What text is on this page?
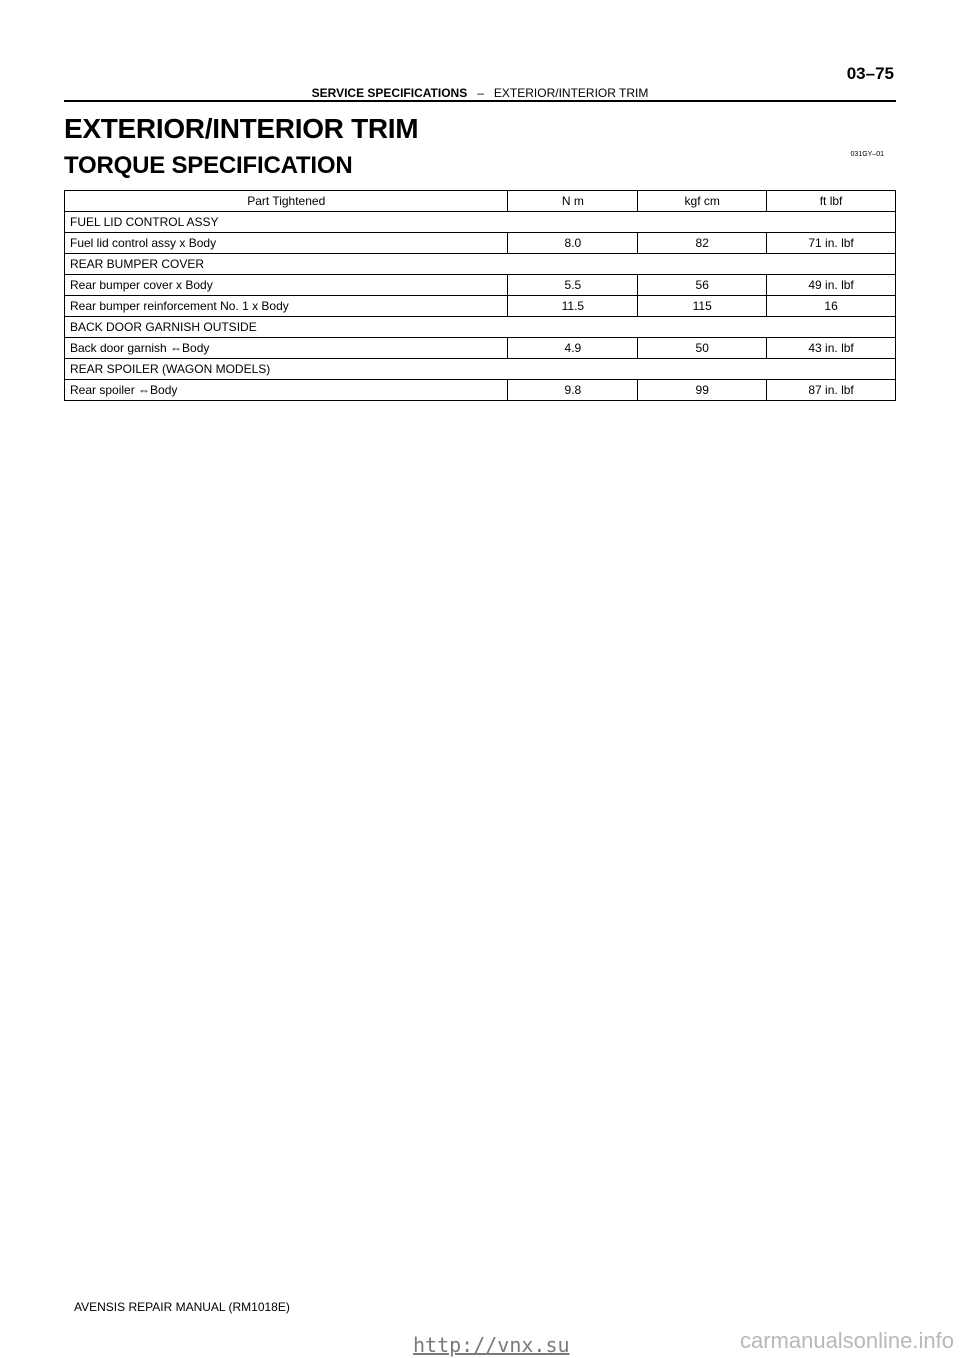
03–75
SERVICE SPECIFICATIONS – EXTERIOR/INTERIOR TRIM
EXTERIOR/INTERIOR TRIM
TORQUE SPECIFICATION	031GY–01
Part Tightened	N m	kgf cm	ft lbf
FUEL LID CONTROL ASSY			
Fuel lid control assy x Body	8.0	82	71 in. lbf
REAR BUMPER COVER			
Rear bumper cover x Body	5.5	56	49 in. lbf
Rear bumper reinforcement No. 1 x Body	11.5	115	16
BACK DOOR GARNISH OUTSIDE			
Back door garnish ⇔Body	4.9	50	43 in. lbf
REAR SPOILER (WAGON MODELS)			
Rear spoiler ⇔Body	9.8	99	87 in. lbf
AVENSIS REPAIR MANUAL (RM1018E)
http://vnx.su	carmanualsonline.info
